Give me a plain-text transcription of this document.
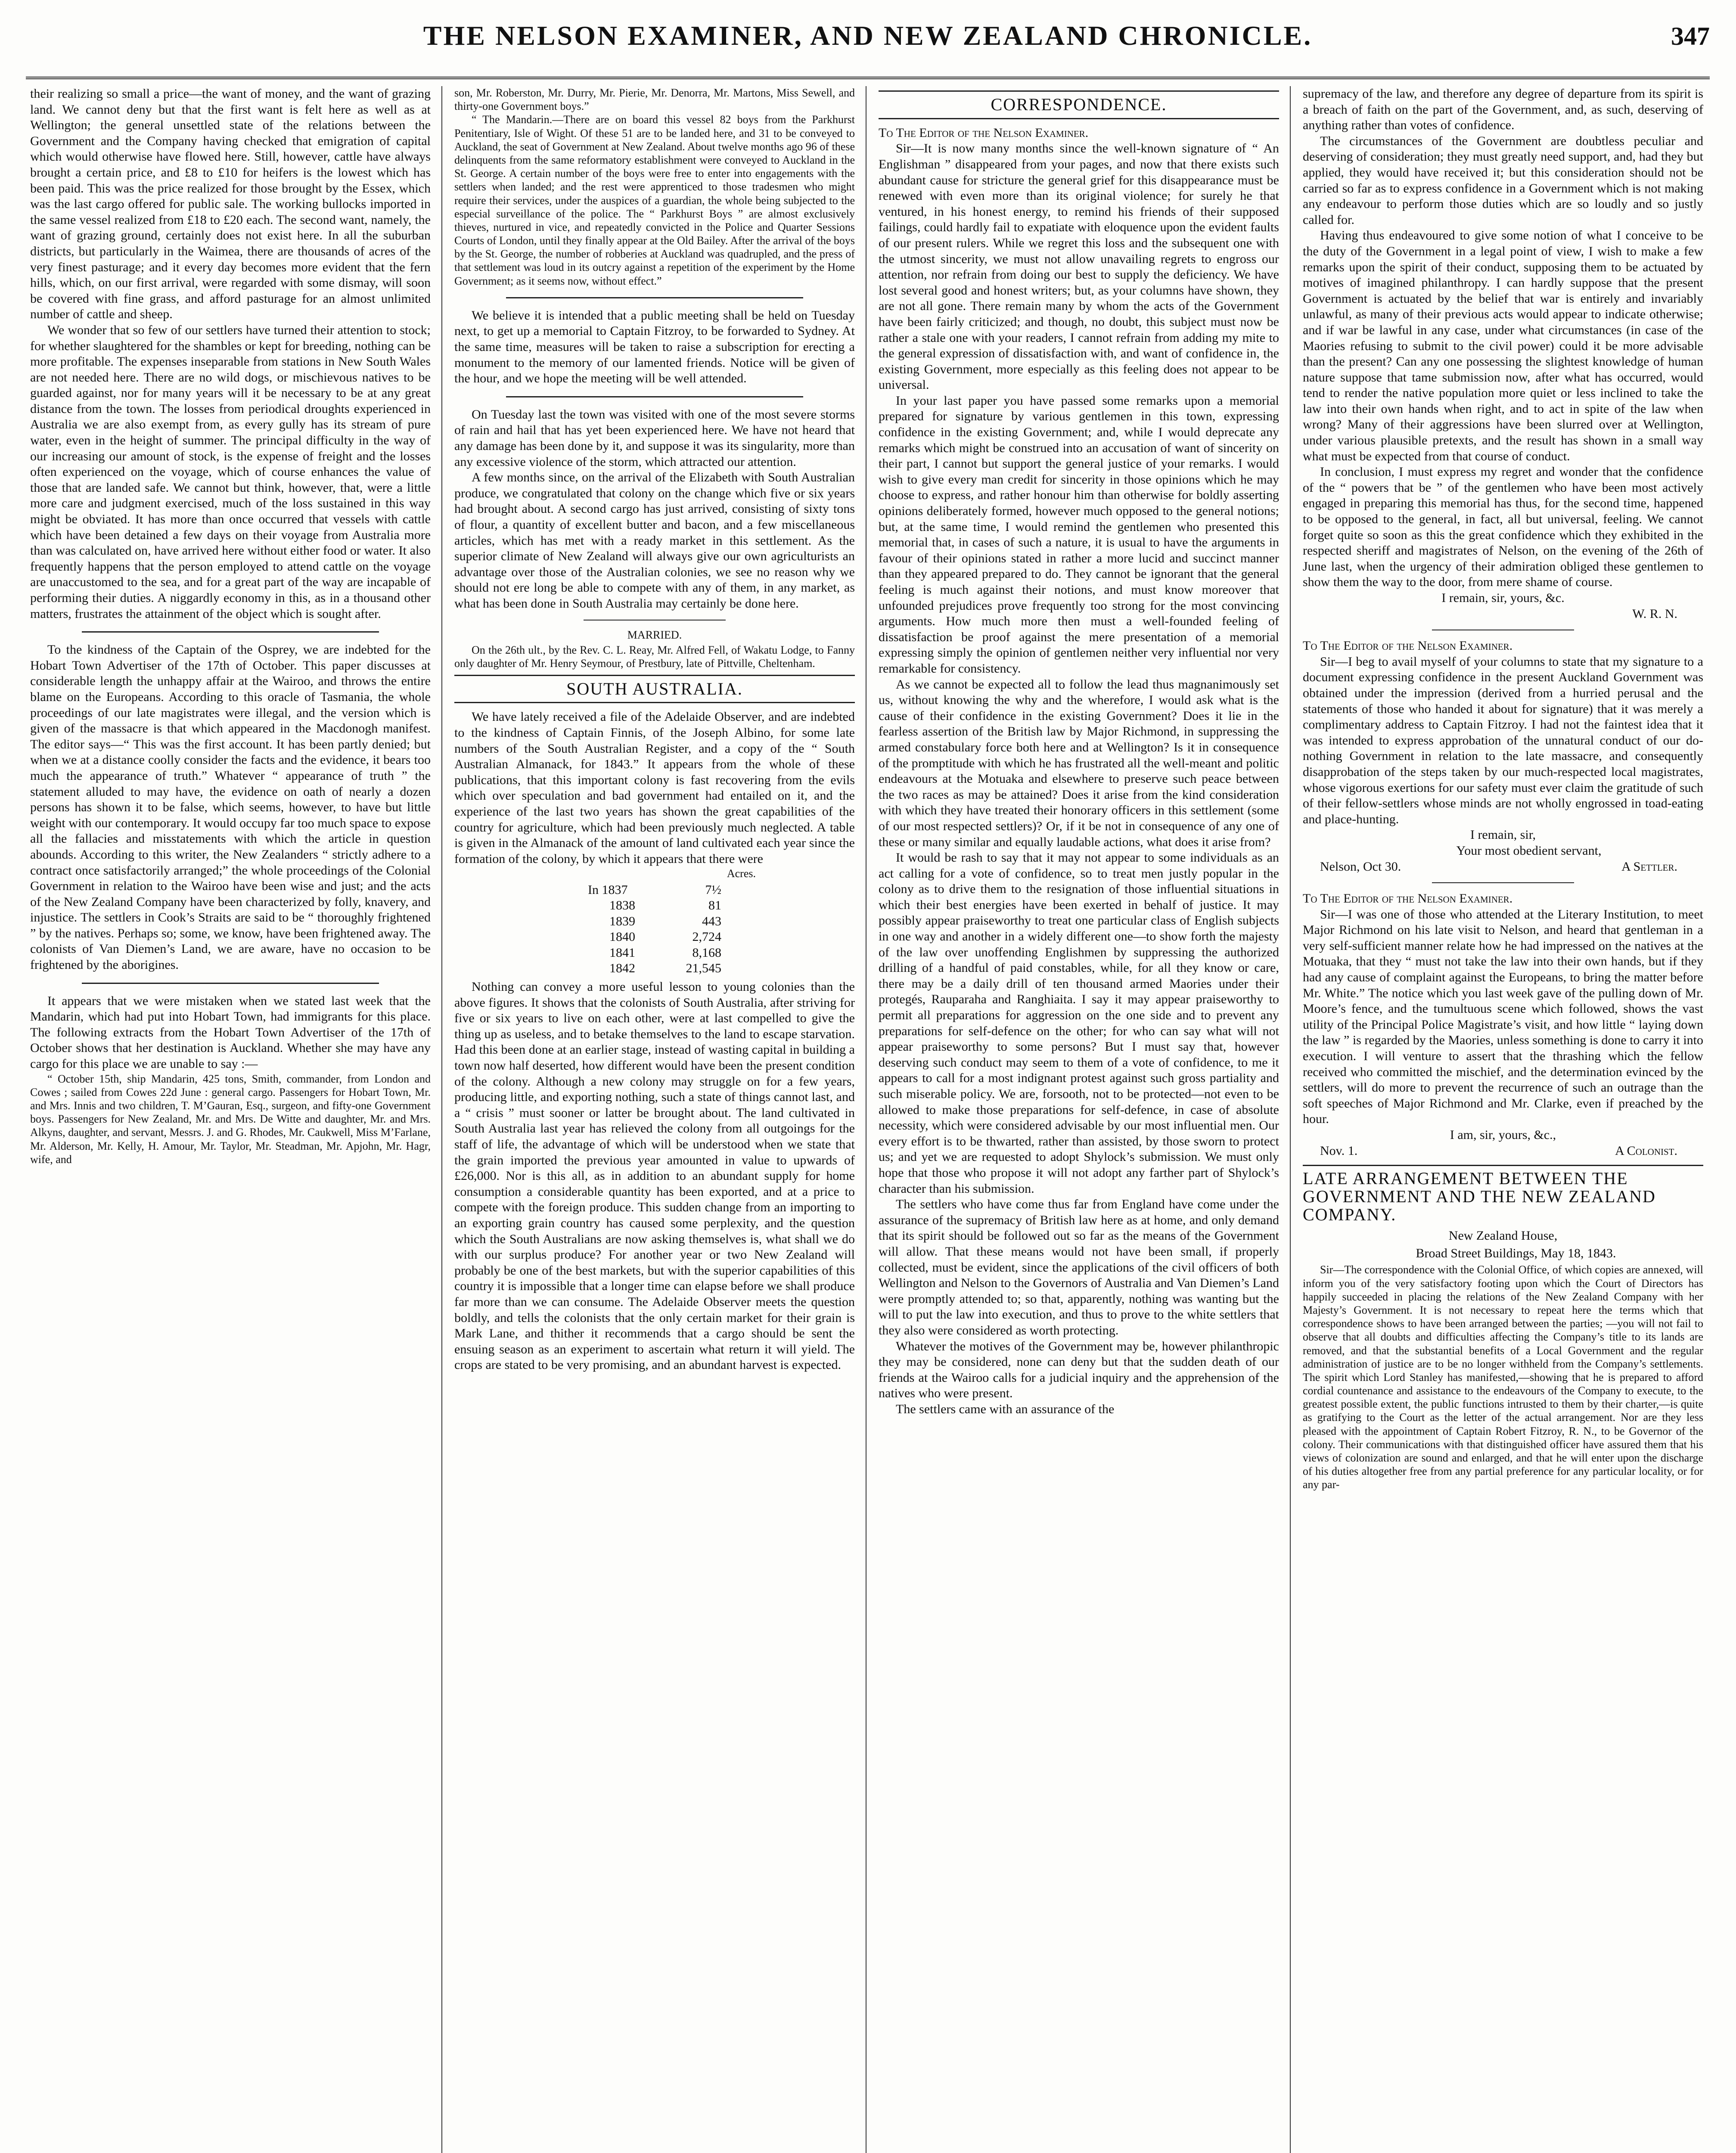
THE NELSON EXAMINER, AND NEW ZEALAND CHRONICLE.	347

their realizing so small a price—the want of money, and the want of grazing land. We cannot deny but that the first want is felt here as well as at Wellington; the general unsettled state of the relations between the Government and the Company having checked that emigration of capital which would otherwise have flowed here. Still, however, cattle have always brought a certain price, and £8 to £10 for heifers is the lowest which has been paid. This was the price realized for those brought by the Essex, which was the last cargo offered for public sale. The working bullocks imported in the same vessel realized from £18 to £20 each. The second want, namely, the want of grazing ground, certainly does not exist here. In all the suburban districts, but particularly in the Waimea, there are thousands of acres of the very finest pasturage; and it every day becomes more evident that the fern hills, which, on our first arrival, were regarded with some dismay, will soon be covered with fine grass, and afford pasturage for an almost unlimited number of cattle and sheep.

We wonder that so few of our settlers have turned their attention to stock; for whether slaughtered for the shambles or kept for breeding, nothing can be more profitable. The expenses inseparable from stations in New South Wales are not needed here. There are no wild dogs, or mischievous natives to be guarded against, nor for many years will it be necessary to be at any great distance from the town. The losses from periodical droughts experienced in Australia we are also exempt from, as every gully has its stream of pure water, even in the height of summer. The principal difficulty in the way of our increasing our amount of stock, is the expense of freight and the losses often experienced on the voyage, which of course enhances the value of those that are landed safe. We cannot but think, however, that, were a little more care and judgment exercised, much of the loss sustained in this way might be obviated. It has more than once occurred that vessels with cattle which have been detained a few days on their voyage from Australia more than was calculated on, have arrived here without either food or water. It also frequently happens that the person employed to attend cattle on the voyage are unaccustomed to the sea, and for a great part of the way are incapable of performing their duties. A niggardly economy in this, as in a thousand other matters, frustrates the attainment of the object which is sought after.

To the kindness of the Captain of the Osprey, we are indebted for the Hobart Town Advertiser of the 17th of October. This paper discusses at considerable length the unhappy affair at the Wairoo, and throws the entire blame on the Europeans. According to this oracle of Tasmania, the whole proceedings of our late magistrates were illegal, and the version which is given of the massacre is that which appeared in the Macdonogh manifest. The editor says—“ This was the first account. It has been partly denied; but when we at a distance coolly consider the facts and the evidence, it bears too much the appearance of truth.” Whatever “ appearance of truth ” the statement alluded to may have, the evidence on oath of nearly a dozen persons has shown it to be false, which seems, however, to have but little weight with our contemporary. It would occupy far too much space to expose all the fallacies and misstatements with which the article in question abounds. According to this writer, the New Zealanders “ strictly adhere to a contract once satisfactorily arranged;” the whole proceedings of the Colonial Government in relation to the Wairoo have been wise and just; and the acts of the New Zealand Company have been characterized by folly, knavery, and injustice. The settlers in Cook’s Straits are said to be “ thoroughly frightened ” by the natives. Perhaps so; some, we know, have been frightened away. The colonists of Van Diemen’s Land, we are aware, have no occasion to be frightened by the aborigines.

It appears that we were mistaken when we stated last week that the Mandarin, which had put into Hobart Town, had immigrants for this place. The following extracts from the Hobart Town Advertiser of the 17th of October shows that her destination is Auckland. Whether she may have any cargo for this place we are unable to say :—

“ October 15th, ship Mandarin, 425 tons, Smith, commander, from London and Cowes ; sailed from Cowes 22d June : general cargo. Passengers for Hobart Town, Mr. and Mrs. Innis and two children, T. M’Gauran, Esq., surgeon, and fifty-one Government boys. Passengers for New Zealand, Mr. and Mrs. De Witte and daughter, Mr. and Mrs. Alkyns, daughter, and servant, Messrs. J. and G. Rhodes, Mr. Caukwell, Miss M’Farlane, Mr. Alderson, Mr. Kelly, H. Amour, Mr. Taylor, Mr. Steadman, Mr. Apjohn, Mr. Hagr, wife, and

son, Mr. Roberston, Mr. Durry, Mr. Pierie, Mr. Denorra, Mr. Martons, Miss Sewell, and thirty-one Government boys.”

“ The Mandarin.—There are on board this vessel 82 boys from the Parkhurst Penitentiary, Isle of Wight. Of these 51 are to be landed here, and 31 to be conveyed to Auckland, the seat of Government at New Zealand. About twelve months ago 96 of these delinquents from the same reformatory establishment were conveyed to Auckland in the St. George. A certain number of the boys were free to enter into engagements with the settlers when landed; and the rest were apprenticed to those tradesmen who might require their services, under the auspices of a guardian, the whole being subjected to the especial surveillance of the police. The “ Parkhurst Boys ” are almost exclusively thieves, nurtured in vice, and repeatedly convicted in the Police and Quarter Sessions Courts of London, until they finally appear at the Old Bailey. After the arrival of the boys by the St. George, the number of robberies at Auckland was quadrupled, and the press of that settlement was loud in its outcry against a repetition of the experiment by the Home Government; as it seems now, without effect.”

We believe it is intended that a public meeting shall be held on Tuesday next, to get up a memorial to Captain Fitzroy, to be forwarded to Sydney. At the same time, measures will be taken to raise a subscription for erecting a monument to the memory of our lamented friends. Notice will be given of the hour, and we hope the meeting will be well attended.

On Tuesday last the town was visited with one of the most severe storms of rain and hail that has yet been experienced here. We have not heard that any damage has been done by it, and suppose it was its singularity, more than any excessive violence of the storm, which attracted our attention.

A few months since, on the arrival of the Elizabeth with South Australian produce, we congratulated that colony on the change which five or six years had brought about. A second cargo has just arrived, consisting of sixty tons of flour, a quantity of excellent butter and bacon, and a few miscellaneous articles, which has met with a ready market in this settlement. As the superior climate of New Zealand will always give our own agriculturists an advantage over those of the Australian colonies, we see no reason why we should not ere long be able to compete with any of them, in any market, as what has been done in South Australia may certainly be done here.

MARRIED.

On the 26th ult., by the Rev. C. L. Reay, Mr. Alfred Fell, of Wakatu Lodge, to Fanny only daughter of Mr. Henry Seymour, of Prestbury, late of Pittville, Cheltenham.

SOUTH AUSTRALIA.

We have lately received a file of the Adelaide Observer, and are indebted to the kindness of Captain Finnis, of the Joseph Albino, for some late numbers of the South Australian Register, and a copy of the “ South Australian Almanack, for 1843.” It appears from the whole of these publications, that this important colony is fast recovering from the evils which over speculation and bad government had entailed on it, and the experience of the last two years has shown the great capabilities of the country for agriculture, which had been previously much neglected. A table is given in the Almanack of the amount of land cultivated each year since the formation of the colony, by which it appears that there were

Acres.
In 1837	7½
1838	81
1839	443
1840	2,724
1841	8,168
1842	21,545

Nothing can convey a more useful lesson to young colonies than the above figures. It shows that the colonists of South Australia, after striving for five or six years to live on each other, were at last compelled to give the thing up as useless, and to betake themselves to the land to escape starvation. Had this been done at an earlier stage, instead of wasting capital in building a town now half deserted, how different would have been the present condition of the colony. Although a new colony may struggle on for a few years, producing little, and exporting nothing, such a state of things cannot last, and a “ crisis ” must sooner or latter be brought about. The land cultivated in South Australia last year has relieved the colony from all outgoings for the staff of life, the advantage of which will be understood when we state that the grain imported the previous year amounted in value to upwards of £26,000. Nor is this all, as in addition to an abundant supply for home consumption a considerable quantity has been exported, and at a price to compete with the foreign produce. This sudden change from an importing to an exporting grain country has caused some perplexity, and the question which the South Australians are now asking themselves is, what shall we do with our surplus produce? For another year or two New Zealand will probably be one of the best markets, but with the superior capabilities of this country it is impossible that a longer time can elapse before we shall produce far more than we can consume. The Adelaide Observer meets the question boldly, and tells the colonists that the only certain market for their grain is Mark Lane, and thither it recommends that a cargo should be sent the ensuing season as an experiment to ascertain what return it will yield. The crops are stated to be very promising, and an abundant harvest is expected.

CORRESPONDENCE.

To The Editor of the Nelson Examiner.

Sir—It is now many months since the well-known signature of “ An Englishman ” disappeared from your pages, and now that there exists such abundant cause for stricture the general grief for this disappearance must be renewed with even more than its original violence; for surely he that ventured, in his honest energy, to remind his friends of their supposed failings, could hardly fail to expatiate with eloquence upon the evident faults of our present rulers. While we regret this loss and the subsequent one with the utmost sincerity, we must not allow unavailing regrets to engross our attention, nor refrain from doing our best to supply the deficiency. We have lost several good and honest writers; but, as your columns have shown, they are not all gone. There remain many by whom the acts of the Government have been fairly criticized; and though, no doubt, this subject must now be rather a stale one with your readers, I cannot refrain from adding my mite to the general expression of dissatisfaction with, and want of confidence in, the existing Government, more especially as this feeling does not appear to be universal.

In your last paper you have passed some remarks upon a memorial prepared for signature by various gentlemen in this town, expressing confidence in the existing Government; and, while I would deprecate any remarks which might be construed into an accusation of want of sincerity on their part, I cannot but support the general justice of your remarks. I would wish to give every man credit for sincerity in those opinions which he may choose to express, and rather honour him than otherwise for boldly asserting opinions deliberately formed, however much opposed to the general notions; but, at the same time, I would remind the gentlemen who presented this memorial that, in cases of such a nature, it is usual to have the arguments in favour of their opinions stated in rather a more lucid and succinct manner than they appeared prepared to do. They cannot be ignorant that the general feeling is much against their notions, and must know moreover that unfounded prejudices prove frequently too strong for the most convincing arguments. How much more then must a well-founded feeling of dissatisfaction be proof against the mere presentation of a memorial expressing simply the opinion of gentlemen neither very influential nor very remarkable for consistency.

As we cannot be expected all to follow the lead thus magnanimously set us, without knowing the why and the wherefore, I would ask what is the cause of their confidence in the existing Government? Does it lie in the fearless assertion of the British law by Major Richmond, in suppressing the armed constabulary force both here and at Wellington? Is it in consequence of the promptitude with which he has frustrated all the well-meant and politic endeavours at the Motuaka and elsewhere to preserve such peace between the two races as may be attained? Does it arise from the kind consideration with which they have treated their honorary officers in this settlement (some of our most respected settlers)? Or, if it be not in consequence of any one of these or many similar and equally laudable actions, what does it arise from?

It would be rash to say that it may not appear to some individuals as an act calling for a vote of confidence, so to treat men justly popular in the colony as to drive them to the resignation of those influential situations in which their best energies have been exerted in behalf of justice. It may possibly appear praiseworthy to treat one particular class of English subjects in one way and another in a widely different one—to show forth the majesty of the law over unoffending Englishmen by suppressing the authorized drilling of a handful of paid constables, while, for all they know or care, there may be a daily drill of ten thousand armed Maories under their protegés, Rauparaha and Ranghiaita. I say it may appear praiseworthy to permit all preparations for aggression on the one side and to prevent any preparations for self-defence on the other; for who can say what will not appear praiseworthy to some persons? But I must say that, however deserving such conduct may seem to them of a vote of confidence, to me it appears to call for a most indignant protest against such gross partiality and such miserable policy. We are, forsooth, not to be protected—not even to be allowed to make those preparations for self-defence, in case of absolute necessity, which were considered advisable by our most influential men. Our every effort is to be thwarted, rather than assisted, by those sworn to protect us; and yet we are requested to adopt Shylock’s submission. We must only hope that those who propose it will not adopt any farther part of Shylock’s character than his submission.

The settlers who have come thus far from England have come under the assurance of the supremacy of British law here as at home, and only demand that its spirit should be followed out so far as the means of the Government will allow. That these means would not have been small, if properly collected, must be evident, since the applications of the civil officers of both Wellington and Nelson to the Governors of Australia and Van Diemen’s Land were promptly attended to; so that, apparently, nothing was wanting but the will to put the law into execution, and thus to prove to the white settlers that they also were considered as worth protecting.

Whatever the motives of the Government may be, however philanthropic they may be considered, none can deny but that the sudden death of our friends at the Wairoo calls for a judicial inquiry and the apprehension of the natives who were present.

The settlers came with an assurance of the

supremacy of the law, and therefore any degree of departure from its spirit is a breach of faith on the part of the Government, and, as such, deserving of anything rather than votes of confidence.

The circumstances of the Government are doubtless peculiar and deserving of consideration; they must greatly need support, and, had they but applied, they would have received it; but this consideration should not be carried so far as to express confidence in a Government which is not making any endeavour to perform those duties which are so loudly and so justly called for.

Having thus endeavoured to give some notion of what I conceive to be the duty of the Government in a legal point of view, I wish to make a few remarks upon the spirit of their conduct, supposing them to be actuated by motives of imagined philanthropy. I can hardly suppose that the present Government is actuated by the belief that war is entirely and invariably unlawful, as many of their previous acts would appear to indicate otherwise; and if war be lawful in any case, under what circumstances (in case of the Maories refusing to submit to the civil power) could it be more advisable than the present? Can any one possessing the slightest knowledge of human nature suppose that tame submission now, after what has occurred, would tend to render the native population more quiet or less inclined to take the law into their own hands when right, and to act in spite of the law when wrong? Many of their aggressions have been slurred over at Wellington, under various plausible pretexts, and the result has shown in a small way what must be expected from that course of conduct.

In conclusion, I must express my regret and wonder that the confidence of the “ powers that be ” of the gentlemen who have been most actively engaged in preparing this memorial has thus, for the second time, happened to be opposed to the general, in fact, all but universal, feeling. We cannot forget quite so soon as this the great confidence which they exhibited in the respected sheriff and magistrates of Nelson, on the evening of the 26th of June last, when the urgency of their admiration obliged these gentlemen to show them the way to the door, from mere shame of course.

I remain, sir, yours, &c.
W. R. N.

To The Editor of the Nelson Examiner.

Sir—I beg to avail myself of your columns to state that my signature to a document expressing confidence in the present Auckland Government was obtained under the impression (derived from a hurried perusal and the statements of those who handed it about for signature) that it was merely a complimentary address to Captain Fitzroy. I had not the faintest idea that it was intended to express approbation of the unnatural conduct of our do-nothing Government in relation to the late massacre, and consequently disapprobation of the steps taken by our much-respected local magistrates, whose vigorous exertions for our safety must ever claim the gratitude of such of their fellow-settlers whose minds are not wholly engrossed in toad-eating and place-hunting.

I remain, sir,
Your most obedient servant,
Nelson, Oct 30.	A Settler.

To The Editor of the Nelson Examiner.

Sir—I was one of those who attended at the Literary Institution, to meet Major Richmond on his late visit to Nelson, and heard that gentleman in a very self-sufficient manner relate how he had impressed on the natives at the Motuaka, that they “ must not take the law into their own hands, but if they had any cause of complaint against the Europeans, to bring the matter before Mr. White.” The notice which you last week gave of the pulling down of Mr. Moore’s fence, and the tumultuous scene which followed, shows the vast utility of the Principal Police Magistrate’s visit, and how little “ laying down the law ” is regarded by the Maories, unless something is done to carry it into execution. I will venture to assert that the thrashing which the fellow received who committed the mischief, and the determination evinced by the settlers, will do more to prevent the recurrence of such an outrage than the soft speeches of Major Richmond and Mr. Clarke, even if preached by the hour.

I am, sir, yours, &c.,
Nov. 1.	A Colonist.
LATE ARRANGEMENT BETWEEN THE GOVERNMENT AND THE NEW ZEALAND COMPANY.
New Zealand House,
Broad Street Buildings, May 18, 1843.

Sir—The correspondence with the Colonial Office, of which copies are annexed, will inform you of the very satisfactory footing upon which the Court of Directors has happily succeeded in placing the relations of the New Zealand Company with her Majesty’s Government. It is not necessary to repeat here the terms which that correspondence shows to have been arranged between the parties; —you will not fail to observe that all doubts and difficulties affecting the Company’s title to its lands are removed, and that the substantial benefits of a Local Government and the regular administration of justice are to be no longer withheld from the Company’s settlements. The spirit which Lord Stanley has manifested,—showing that he is prepared to afford cordial countenance and assistance to the endeavours of the Company to execute, to the greatest possible extent, the public functions intrusted to them by their charter,—is quite as gratifying to the Court as the letter of the actual arrangement. Nor are they less pleased with the appointment of Captain Robert Fitzroy, R. N., to be Governor of the colony. Their communications with that distinguished officer have assured them that his views of colonization are sound and enlarged, and that he will enter upon the discharge of his duties altogether free from any partial preference for any particular locality, or for any par-
